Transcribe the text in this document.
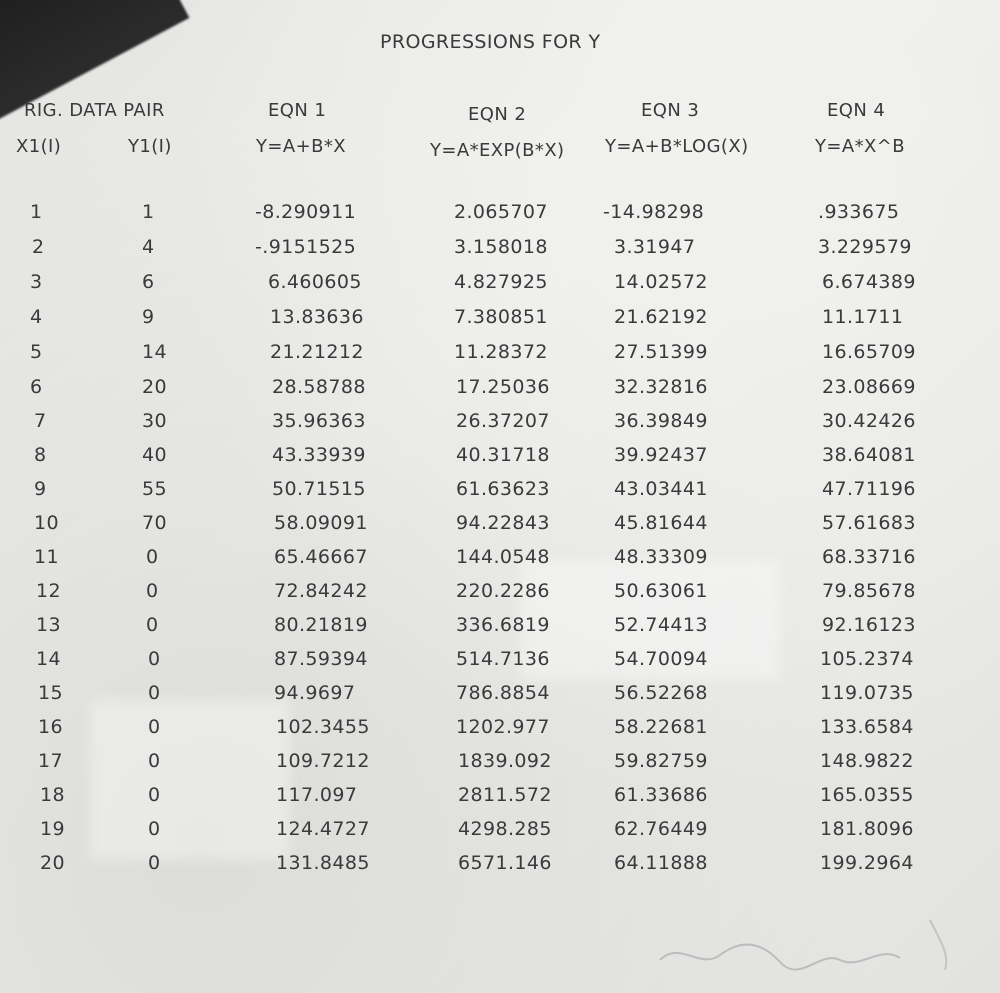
PROGRESSIONS FOR Y
RIG. DATA PAIR
X1(I)	Y1(I)
EQN 1
Y=A+B*X
EQN 2
Y=A*EXP(B*X)
EQN 3
Y=A+B*LOG(X)
EQN 4
Y=A*X^B
1	1	-8.290911	2.065707	-14.98298	.933675
2	4	-.9151525	3.158018	3.31947	3.229579
3	6	6.460605	4.827925	14.02572	6.674389
4	9	13.83636	7.380851	21.62192	11.1711
5	14	21.21212	11.28372	27.51399	16.65709
6	20	28.58788	17.25036	32.32816	23.08669
7	30	35.96363	26.37207	36.39849	30.42426
8	40	43.33939	40.31718	39.92437	38.64081
9	55	50.71515	61.63623	43.03441	47.71196
10	70	58.09091	94.22843	45.81644	57.61683
11	0	65.46667	144.0548	48.33309	68.33716
12	0	72.84242	220.2286	50.63061	79.85678
13	0	80.21819	336.6819	52.74413	92.16123
14	0	87.59394	514.7136	54.70094	105.2374
15	0	94.9697	786.8854	56.52268	119.0735
16	0	102.3455	1202.977	58.22681	133.6584
17	0	109.7212	1839.092	59.82759	148.9822
18	0	117.097	2811.572	61.33686	165.0355
19	0	124.4727	4298.285	62.76449	181.8096
20	0	131.8485	6571.146	64.11888	199.2964
